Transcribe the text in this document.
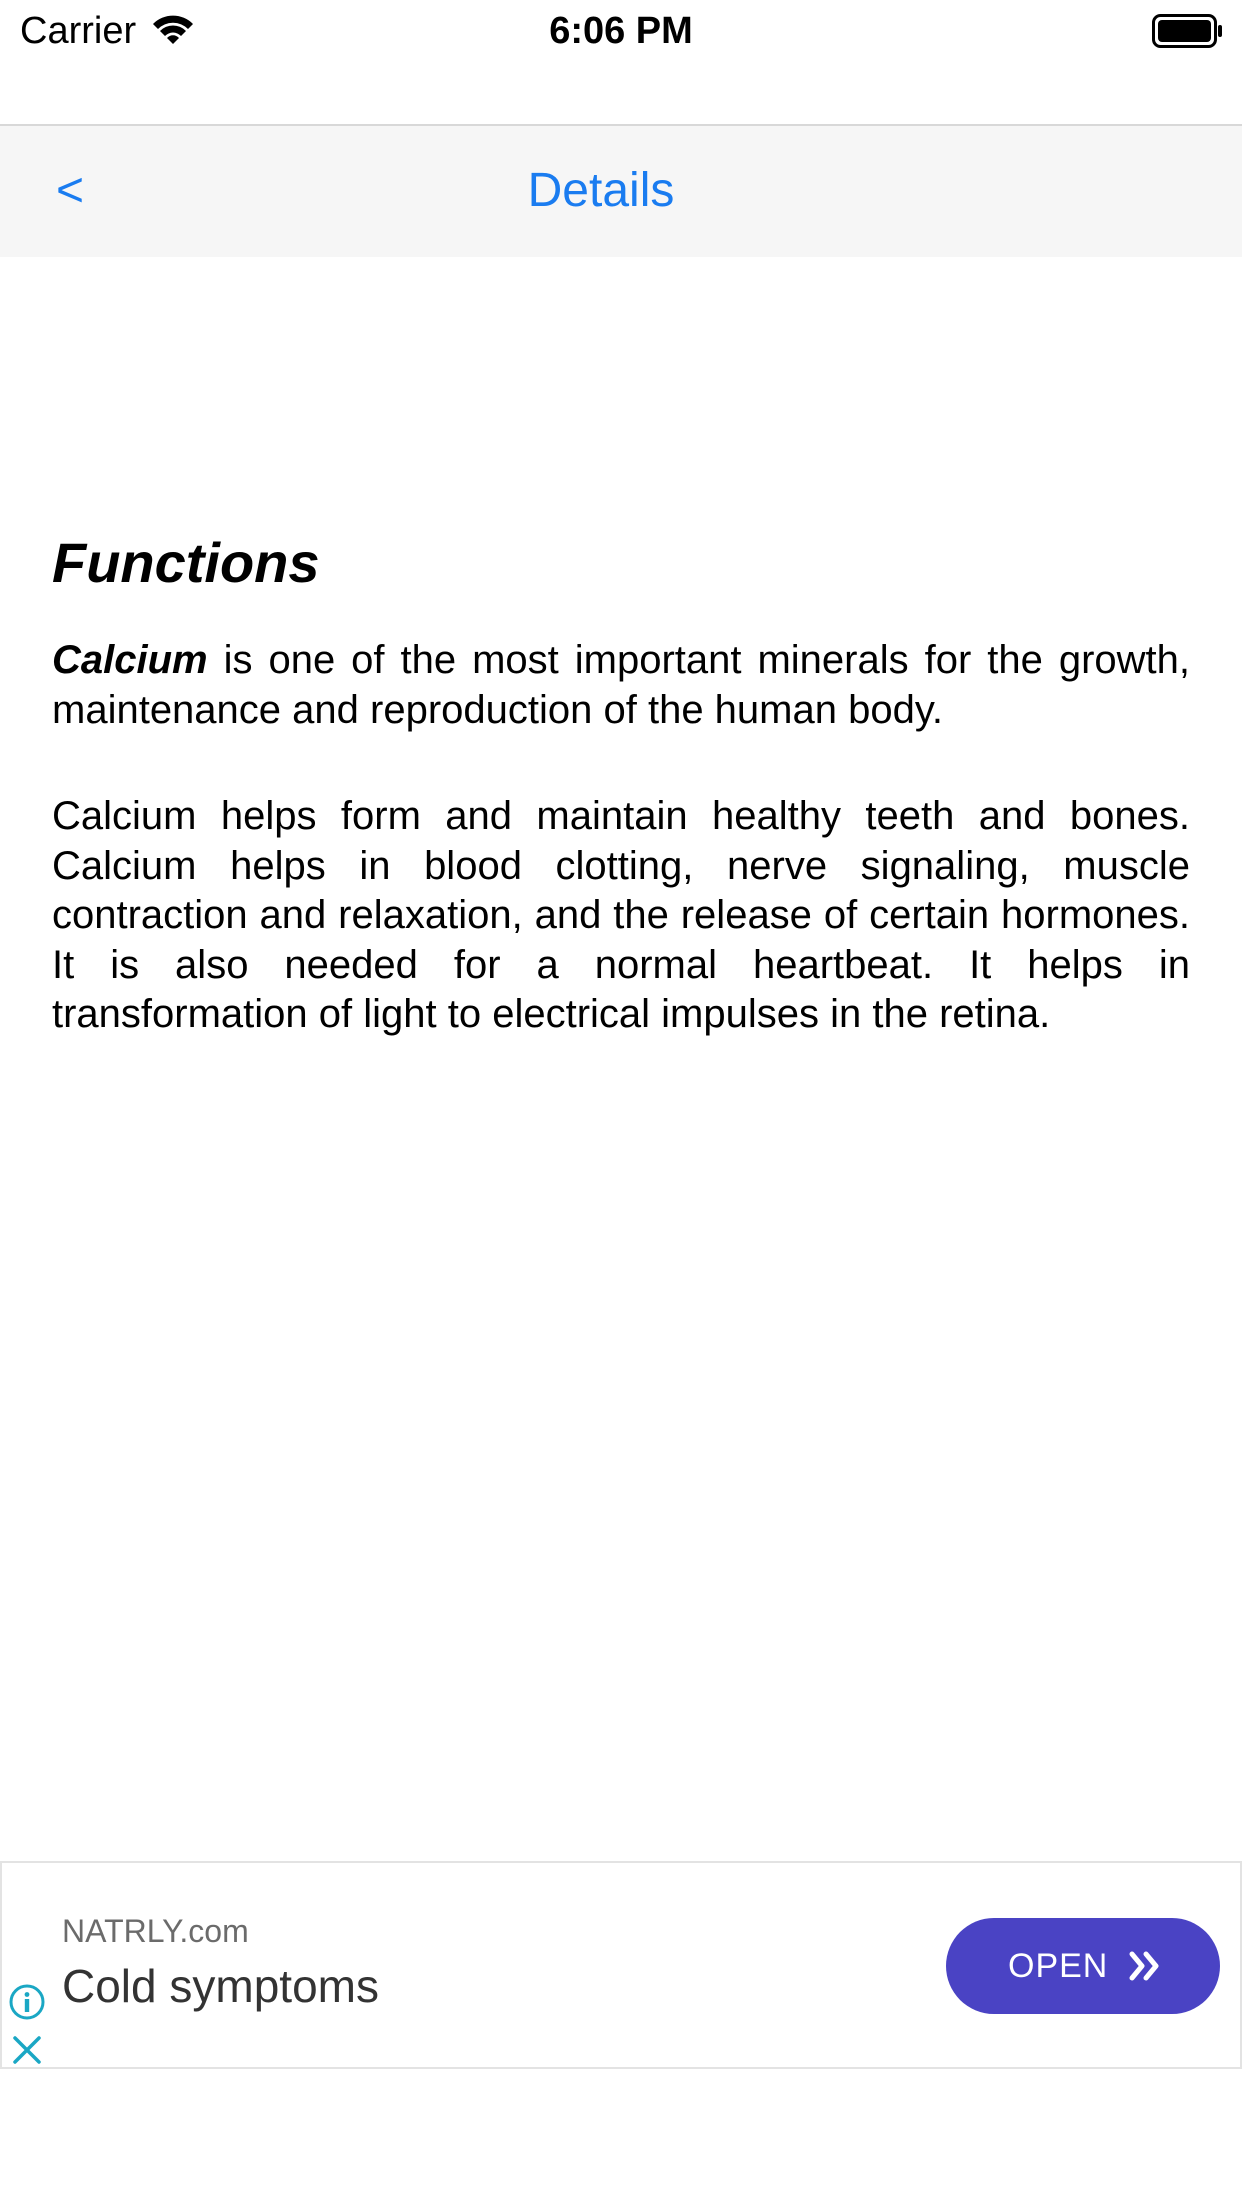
Carrier	6:06 PM
<	Details
Functions

Calcium is one of the most important minerals for the growth, maintenance and reproduction of the human body.

Calcium helps form and maintain healthy teeth and bones. Calcium helps in blood clotting, nerve signaling, muscle contraction and relaxation, and the release of certain hormones. It is also needed for a normal heartbeat. It helps in transformation of light to electrical impulses in the retina.

NATRLY.com
Cold symptoms	OPEN
